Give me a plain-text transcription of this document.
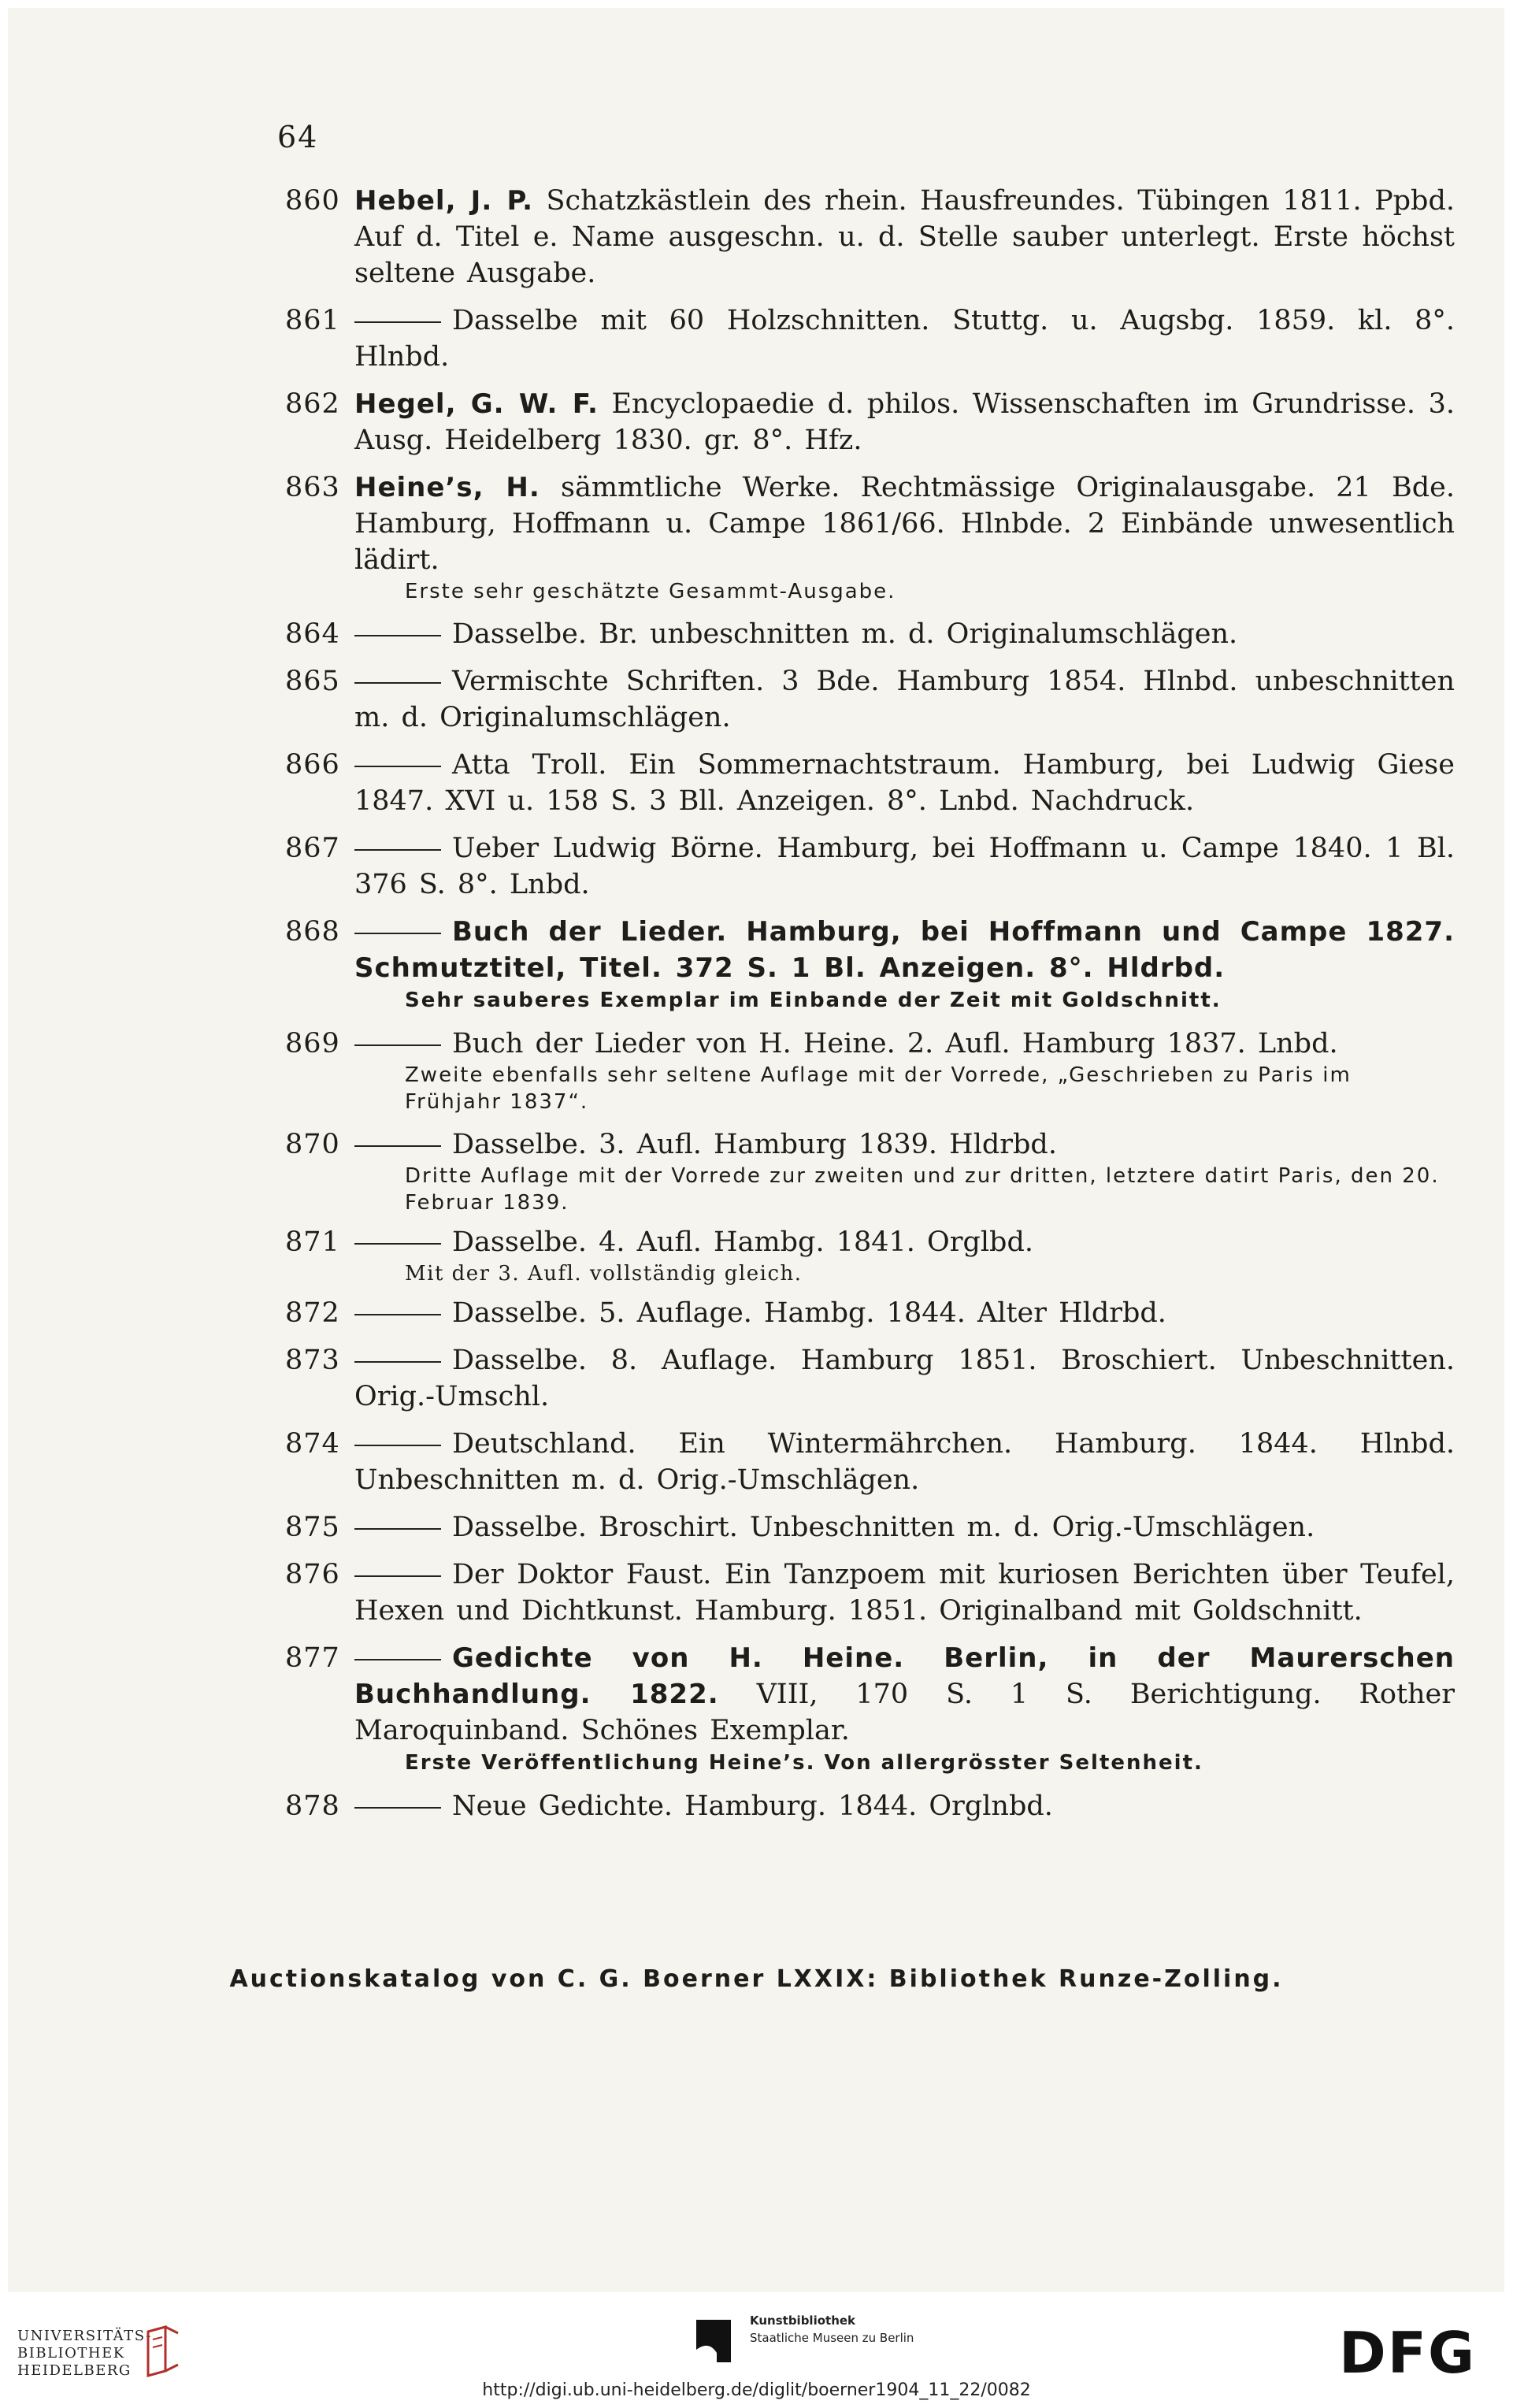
64
860 Hebel, J. P. Schatzkästlein des rhein. Hausfreundes. Tübingen 1811. Ppbd. Auf d. Titel e. Name ausgeschn. u. d. Stelle sauber unterlegt. Erste höchst seltene Ausgabe.
861	Dasselbe mit 60 Holzschnitten. Stuttg. u. Augsbg. 1859. kl. 8°. Hlnbd.
862 Hegel, G. W. F. Encyclopaedie d. philos. Wissenschaften im Grundrisse. 3. Ausg. Heidelberg 1830. gr. 8°. Hfz.
863 Heine’s, H. sämmtliche Werke. Rechtmässige Originalausgabe. 21 Bde. Hamburg, Hoffmann u. Campe 1861/66. Hlnbde. 2 Einbände unwesentlich lädirt.
Erste sehr geschätzte Gesammt-Ausgabe.
864	Dasselbe. Br. unbeschnitten m. d. Originalumschlägen.
865	Vermischte Schriften. 3 Bde. Hamburg 1854. Hlnbd. unbeschnitten m. d. Originalumschlägen.
866	Atta Troll. Ein Sommernachtstraum. Hamburg, bei Ludwig Giese 1847. XVI u. 158 S. 3 Bll. Anzeigen. 8°. Lnbd. Nachdruck.
867	Ueber Ludwig Börne. Hamburg, bei Hoffmann u. Campe 1840. 1 Bl. 376 S. 8°. Lnbd.
868	Buch der Lieder. Hamburg, bei Hoffmann und Campe 1827. Schmutztitel, Titel. 372 S. 1 Bl. Anzeigen. 8°. Hldrbd.
Sehr sauberes Exemplar im Einbande der Zeit mit Goldschnitt.
869	Buch der Lieder von H. Heine. 2. Aufl. Hamburg 1837. Lnbd.
Zweite ebenfalls sehr seltene Auflage mit der Vorrede, „Geschrieben zu Paris im Frühjahr 1837“.
870	Dasselbe. 3. Aufl. Hamburg 1839. Hldrbd.
Dritte Auflage mit der Vorrede zur zweiten und zur dritten, letztere datirt Paris, den 20. Februar 1839.
871	Dasselbe. 4. Aufl. Hambg. 1841. Orglbd.
Mit der 3. Aufl. vollständig gleich.
872	Dasselbe. 5. Auflage. Hambg. 1844. Alter Hldrbd.
873	Dasselbe. 8. Auflage. Hamburg 1851. Broschiert. Unbeschnitten. Orig.-Umschl.
874	Deutschland. Ein Wintermährchen. Hamburg. 1844. Hlnbd. Unbeschnitten m. d. Orig.-Umschlägen.
875	Dasselbe. Broschirt. Unbeschnitten m. d. Orig.-Umschlägen.
876	Der Doktor Faust. Ein Tanzpoem mit kuriosen Berichten über Teufel, Hexen und Dichtkunst. Hamburg. 1851. Originalband mit Goldschnitt.
877	Gedichte von H. Heine. Berlin, in der Maurerschen Buchhandlung. 1822. VIII, 170 S. 1 S. Berichtigung. Rother Maroquinband. Schönes Exemplar.
Erste Veröffentlichung Heine’s. Von allergrösster Seltenheit.
878	Neue Gedichte. Hamburg. 1844. Orglnbd.
Auctionskatalog von C. G. Boerner LXXIX: Bibliothek Runze-Zolling.
UNIVERSITÄTS-
BIBLIOTHEK
HEIDELBERG
Kunstbibliothek
Staatliche Museen zu Berlin	DFG
http://digi.ub.uni-heidelberg.de/diglit/boerner1904_11_22/0082
